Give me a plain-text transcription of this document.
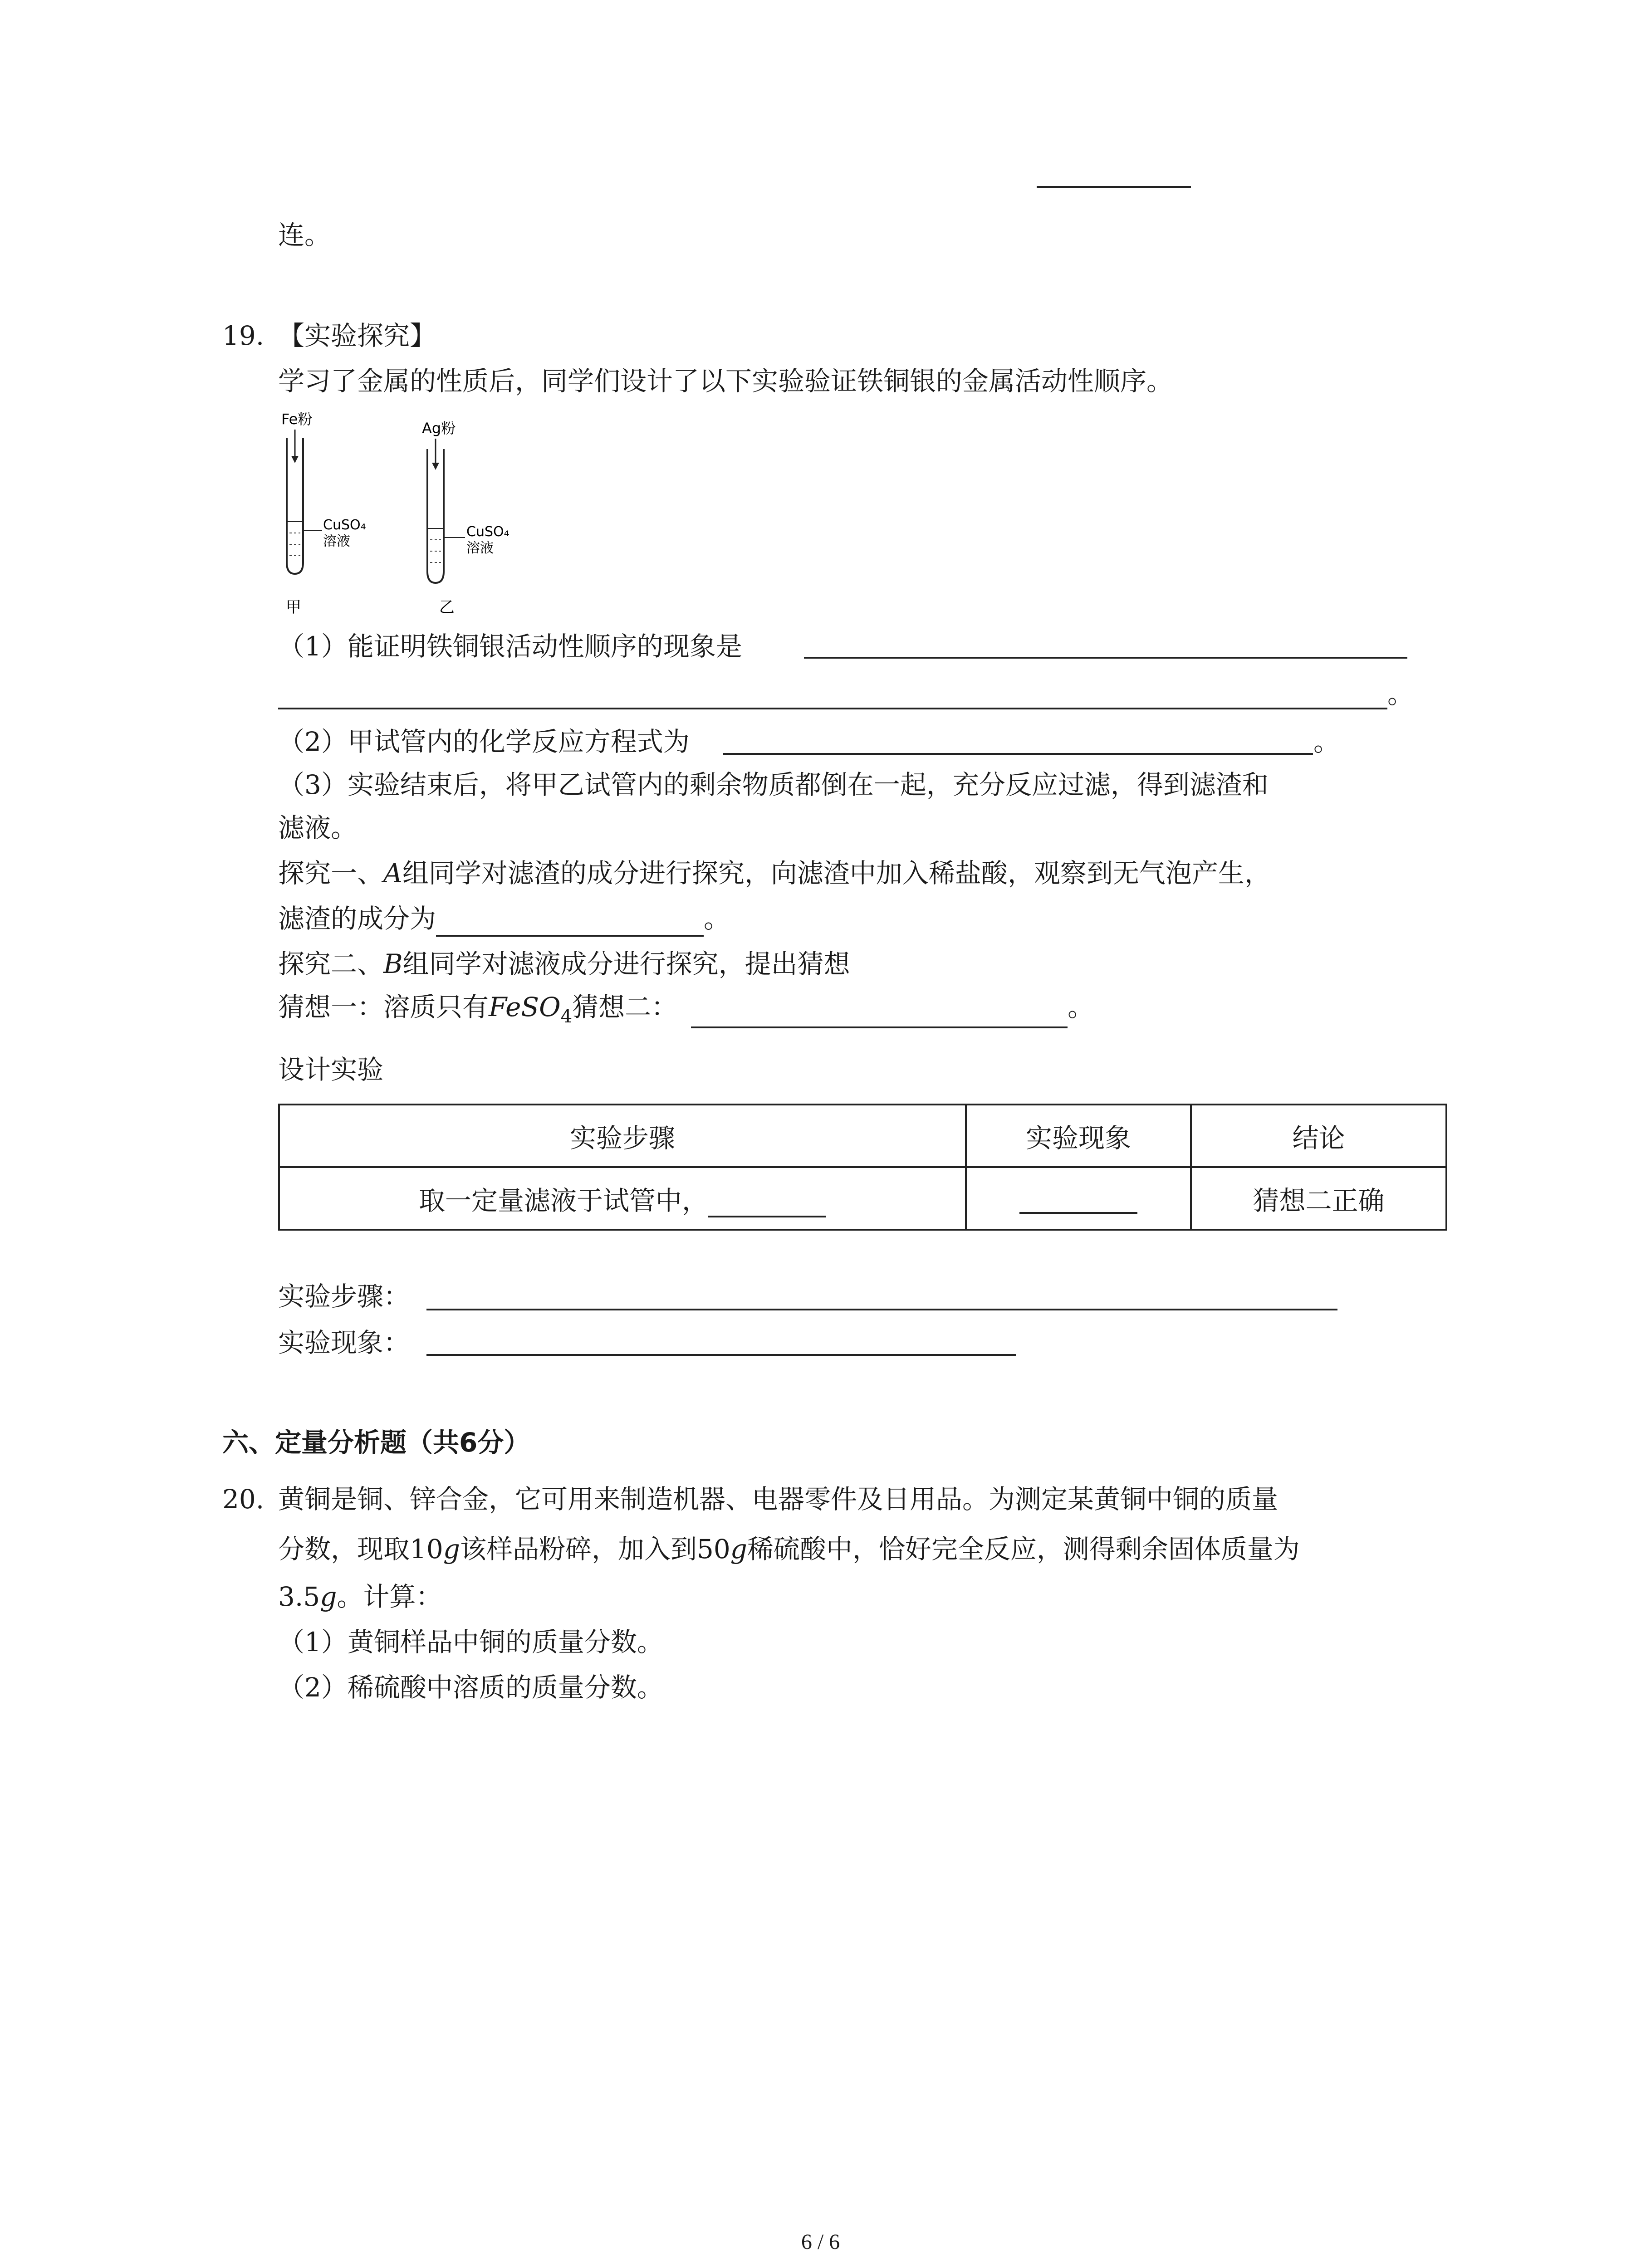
连。
19. 【实验探究】
学习了金属的性质后，同学们设计了以下实验验证铁铜银的金属活动性顺序。
Fe粉
CuSO₄
溶液
甲
Ag粉
CuSO₄
溶液
乙
（1）能证明铁铜银活动性顺序的现象是
。
（2）甲试管内的化学反应方程式为	。
（3）实验结束后，将甲乙试管内的剩余物质都倒在一起，充分反应过滤，得到滤渣和
滤液。
探究一、A组同学对滤渣的成分进行探究，向滤渣中加入稀盐酸，观察到无气泡产生，
滤渣的成分为	。
探究二、B组同学对滤液成分进行探究，提出猜想
猜想一：溶质只有FeSO$_4$猜想二：	。
设计实验
实验步骤	实验现象	结论
取一定量滤液于试管中，		猜想二正确
实验步骤：
实验现象：
六、定量分析题（共6分）
20. 黄铜是铜、锌合金，它可用来制造机器、电器零件及日用品。为测定某黄铜中铜的质量
分数，现取10g该样品粉碎，加入到50g稀硫酸中，恰好完全反应，测得剩余固体质量为
3.5g。计算：
（1）黄铜样品中铜的质量分数。
（2）稀硫酸中溶质的质量分数。
6 / 6
